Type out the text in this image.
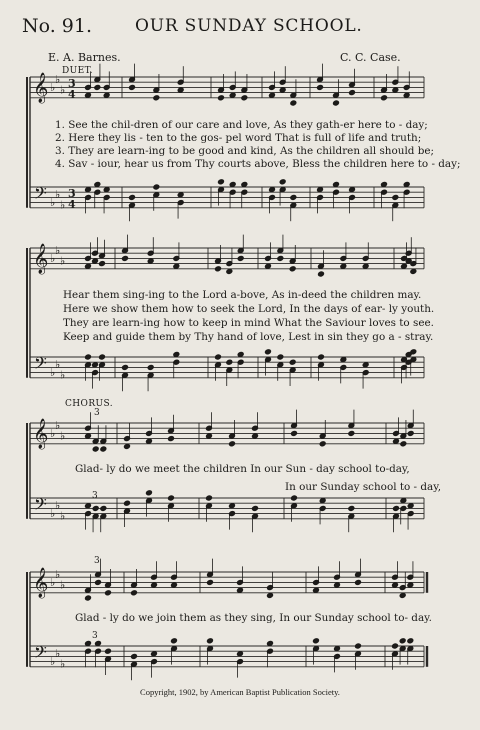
No. 91.	OUR SUNDAY SCHOOL.
E. A. Barnes.	C. C. Case.
𝄞
𝄢
♭
♭
♭
♭
♭
♭
𝄞
𝄢
♭
♭
♭
♭
♭
♭
𝄞
𝄢
♭
♭
♭
♭
♭
♭
𝄞
𝄢
♭
♭
♭
♭
♭
♭
3
4
3
4
DUET.
1. See the chil-dren of our care and love, As they gath-er here to - day;
2. Here they lis - ten to the gos- pel word That is full of life and truth;
3. They are learn-ing to be good and kind, As the children all should be;
4. Sav - iour, hear us from Thy courts above, Bless the children here to - day;
Hear them sing-ing to the Lord a-bove, As in-deed the children may.
Here we show them how to seek the Lord, In the days of ear- ly youth.
They are learn-ing how to keep in mind What the Saviour loves to see.
Keep and guide them by Thy hand of love, Lest in sin they go a - stray.
CHORUS.
Glad- ly do we meet the children In our Sun - day school to-day,
In our Sunday school to - day,
Glad - ly do we join them as they sing, In our Sunday school to- day.
3
3
3
3
Copyright, 1902, by American Baptist Publication Society.
